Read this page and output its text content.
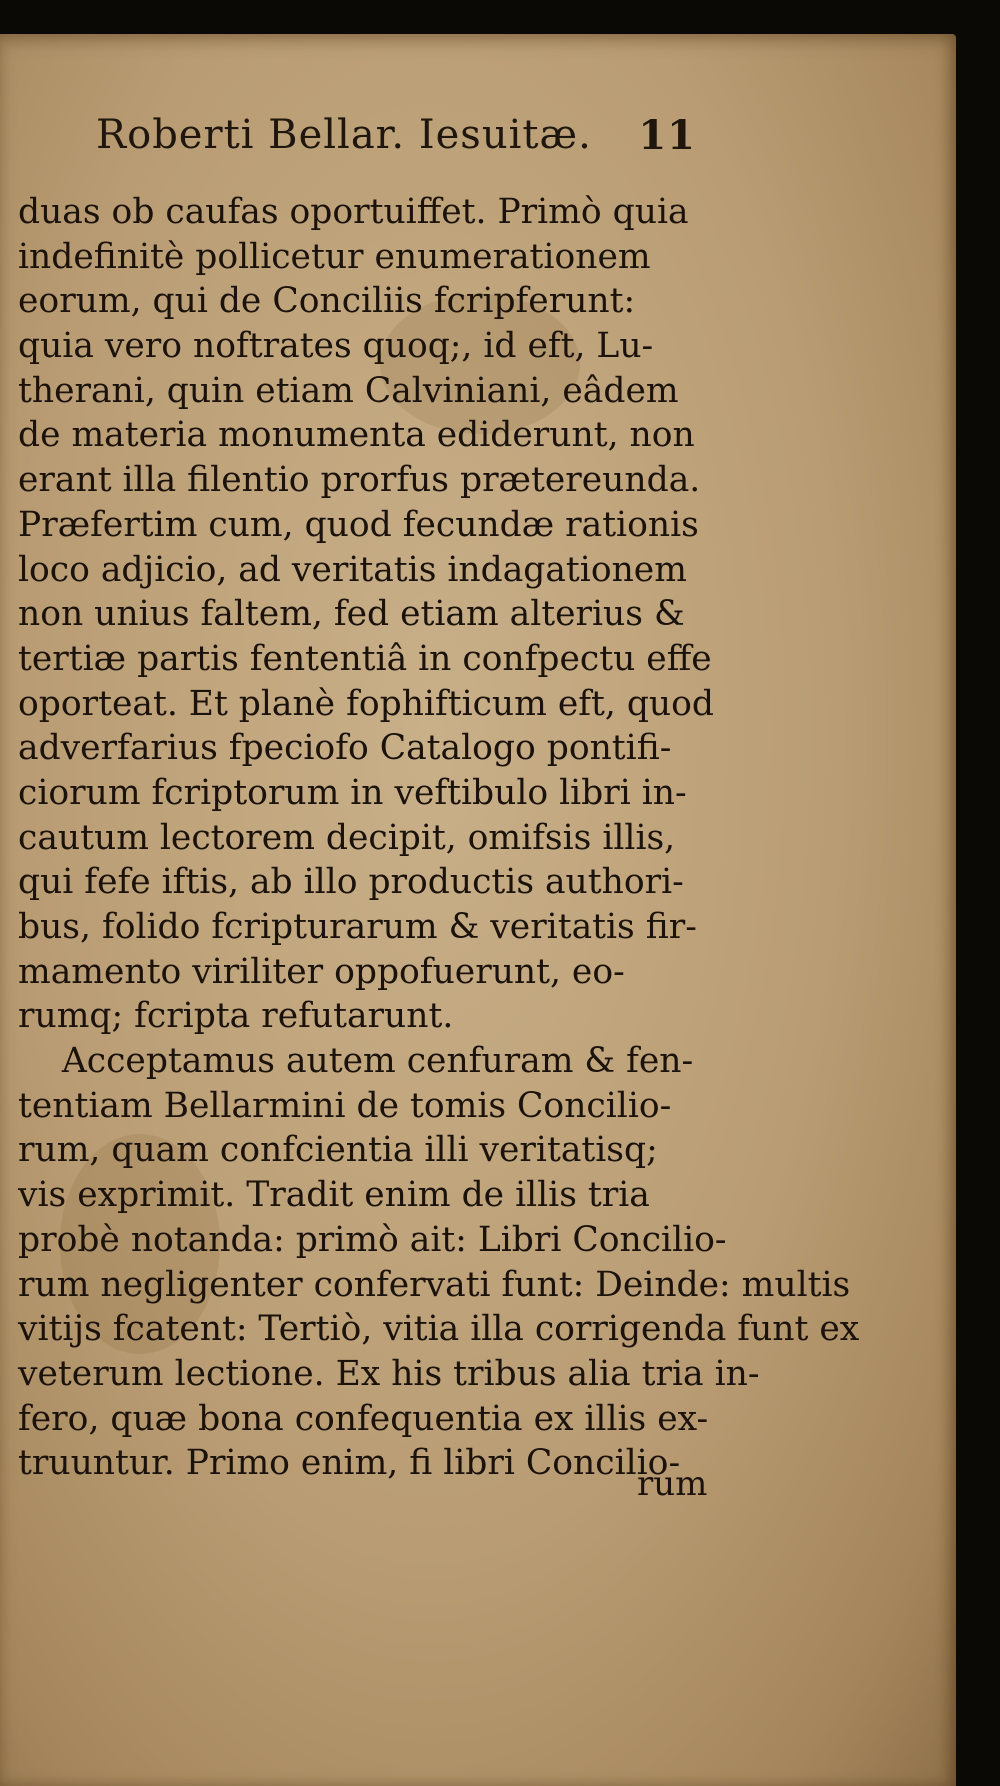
Roberti Bellar. Iesuitæ. 11
duas ob caufas oportuiffet. Primò quia
indefinitè pollicetur enumerationem
eorum, qui de Conciliis fcripferunt:
quia vero noftrates quoq;, id eft, Lu-
therani, quin etiam Calviniani, eâdem
de materia monumenta ediderunt, non
erant illa filentio prorfus prætereunda.
Præfertim cum, quod fecundæ rationis
loco adjicio, ad veritatis indagationem
non unius faltem, fed etiam alterius &
tertiæ partis fententiâ in confpectu effe
oporteat. Et planè fophifticum eft, quod
adverfarius fpeciofo Catalogo pontifi-
ciorum fcriptorum in veftibulo libri in-
cautum lectorem decipit, omifsis illis,
qui fefe iftis, ab illo productis authori-
bus, folido fcripturarum & veritatis fir-
mamento viriliter oppofuerunt, eo-
rumq; fcripta refutarunt.
Acceptamus autem cenfuram & fen-
tentiam Bellarmini de tomis Concilio-
rum, quam confcientia illi veritatisq;
vis exprimit. Tradit enim de illis tria
probè notanda: primò ait: Libri Concilio-
rum negligenter confervati funt: Deinde: multis
vitijs fcatent: Tertiò, vitia illa corrigenda funt ex
veterum lectione. Ex his tribus alia tria in-
fero, quæ bona confequentia ex illis ex-
truuntur. Primo enim, fi libri Concilio-
rum
